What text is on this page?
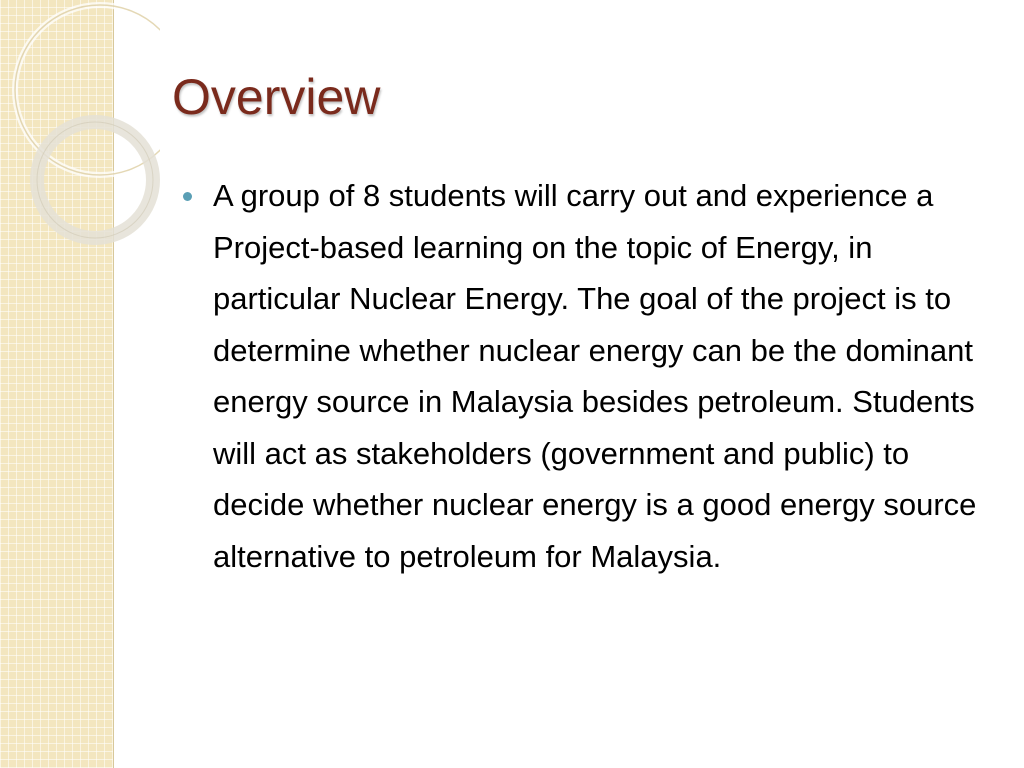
Overview
A group of 8 students will carry out and experience a Project-based learning on the topic of Energy, in particular Nuclear Energy. The goal of the project is to determine whether nuclear energy can be the dominant energy source in Malaysia besides petroleum. Students will act as stakeholders (government and public) to decide whether nuclear energy is a good energy source alternative to petroleum for Malaysia.
